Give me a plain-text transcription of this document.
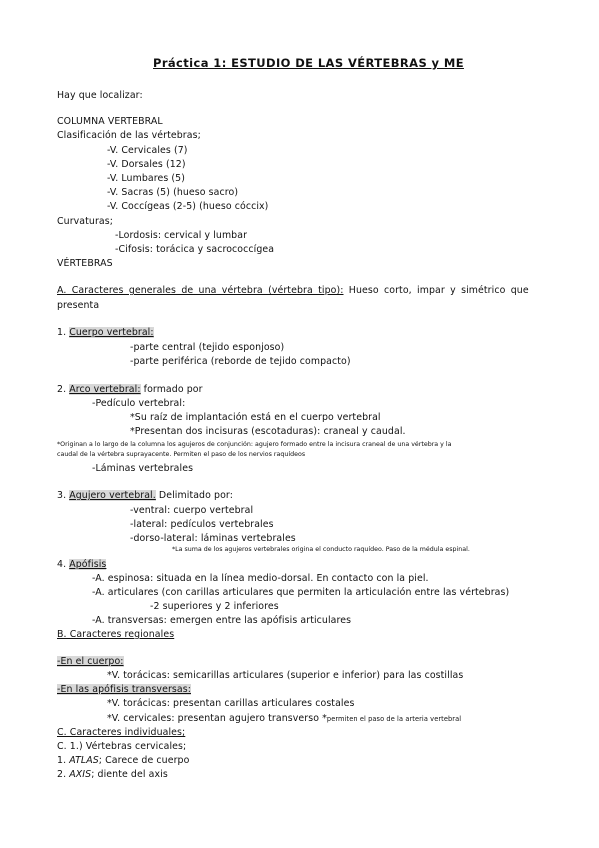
Práctica 1: ESTUDIO DE LAS VÉRTEBRAS y ME
Hay que localizar:
COLUMNA VERTEBRAL
Clasificación de las vértebras;
-V. Cervicales (7)
-V. Dorsales (12)
-V. Lumbares (5)
-V. Sacras (5) (hueso sacro)
-V. Coccígeas (2-5) (hueso cóccix)
Curvaturas;
-Lordosis: cervical y lumbar
-Cifosis: torácica y sacrococcígea
VÉRTEBRAS
A. Caracteres generales de una vértebra (vértebra tipo): Hueso corto, impar y simétrico que
presenta
1. Cuerpo vertebral:
-parte central (tejido esponjoso)
-parte periférica (reborde de tejido compacto)
2. Arco vertebral: formado por
-Pedículo vertebral:
*Su raíz de implantación está en el cuerpo vertebral
*Presentan dos incisuras (escotaduras): craneal y caudal.
*Originan a lo largo de la columna los agujeros de conjunción: agujero formado entre la incisura craneal de una vértebra y la
caudal de la vértebra suprayacente. Permiten el paso de los nervios raquídeos
-Láminas vertebrales
3. Agujero vertebral. Delimitado por:
-ventral: cuerpo vertebral
-lateral: pedículos vertebrales
-dorso-lateral: láminas vertebrales
*La suma de los agujeros vertebrales origina el conducto raquídeo. Paso de la médula espinal.
4. Apófisis
-A. espinosa: situada en la línea medio-dorsal. En contacto con la piel.
-A. articulares (con carillas articulares que permiten la articulación entre las vértebras)
-2 superiores y 2 inferiores
-A. transversas: emergen entre las apófisis articulares
B. Caracteres regionales
-En el cuerpo:
*V. torácicas: semicarillas articulares (superior e inferior) para las costillas
-En las apófisis transversas:
*V. torácicas: presentan carillas articulares costales
*V. cervicales: presentan agujero transverso *permiten el paso de la arteria vertebral
C. Caracteres individuales;
C. 1.) Vértebras cervicales;
1. ATLAS; Carece de cuerpo
2. AXIS; diente del axis
